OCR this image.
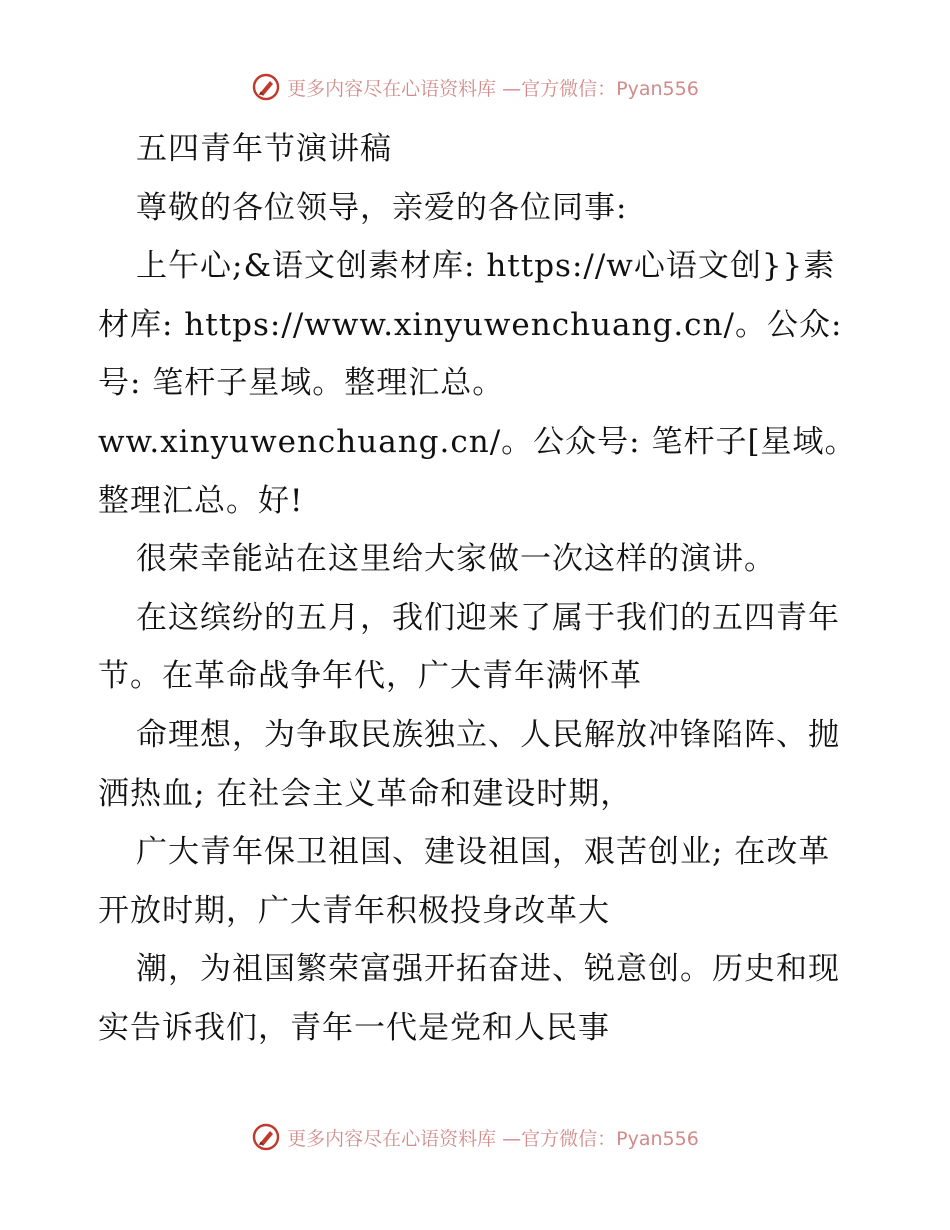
更多内容尽在心语资料库 —官方微信：Pyan556

五四青年节演讲稿

尊敬的各位领导，亲爱的各位同事:

上午心;&语文创素材库: https://w心语文创}}素材库: https://www.xinyuwenchuang.cn/。公众:号: 笔杆子星域。整理汇总。

ww.xinyuwenchuang.cn/。公众号: 笔杆子[星域。整理汇总。好!

很荣幸能站在这里给大家做一次这样的演讲。

在这缤纷的五月，我们迎来了属于我们的五四青年节。在革命战争年代，广大青年满怀革

命理想，为争取民族独立、人民解放冲锋陷阵、抛洒热血; 在社会主义革命和建设时期，

广大青年保卫祖国、建设祖国，艰苦创业; 在改革开放时期，广大青年积极投身改革大

潮，为祖国繁荣富强开拓奋进、锐意创。历史和现实告诉我们，青年一代是党和人民事

更多内容尽在心语资料库 —官方微信：Pyan556
